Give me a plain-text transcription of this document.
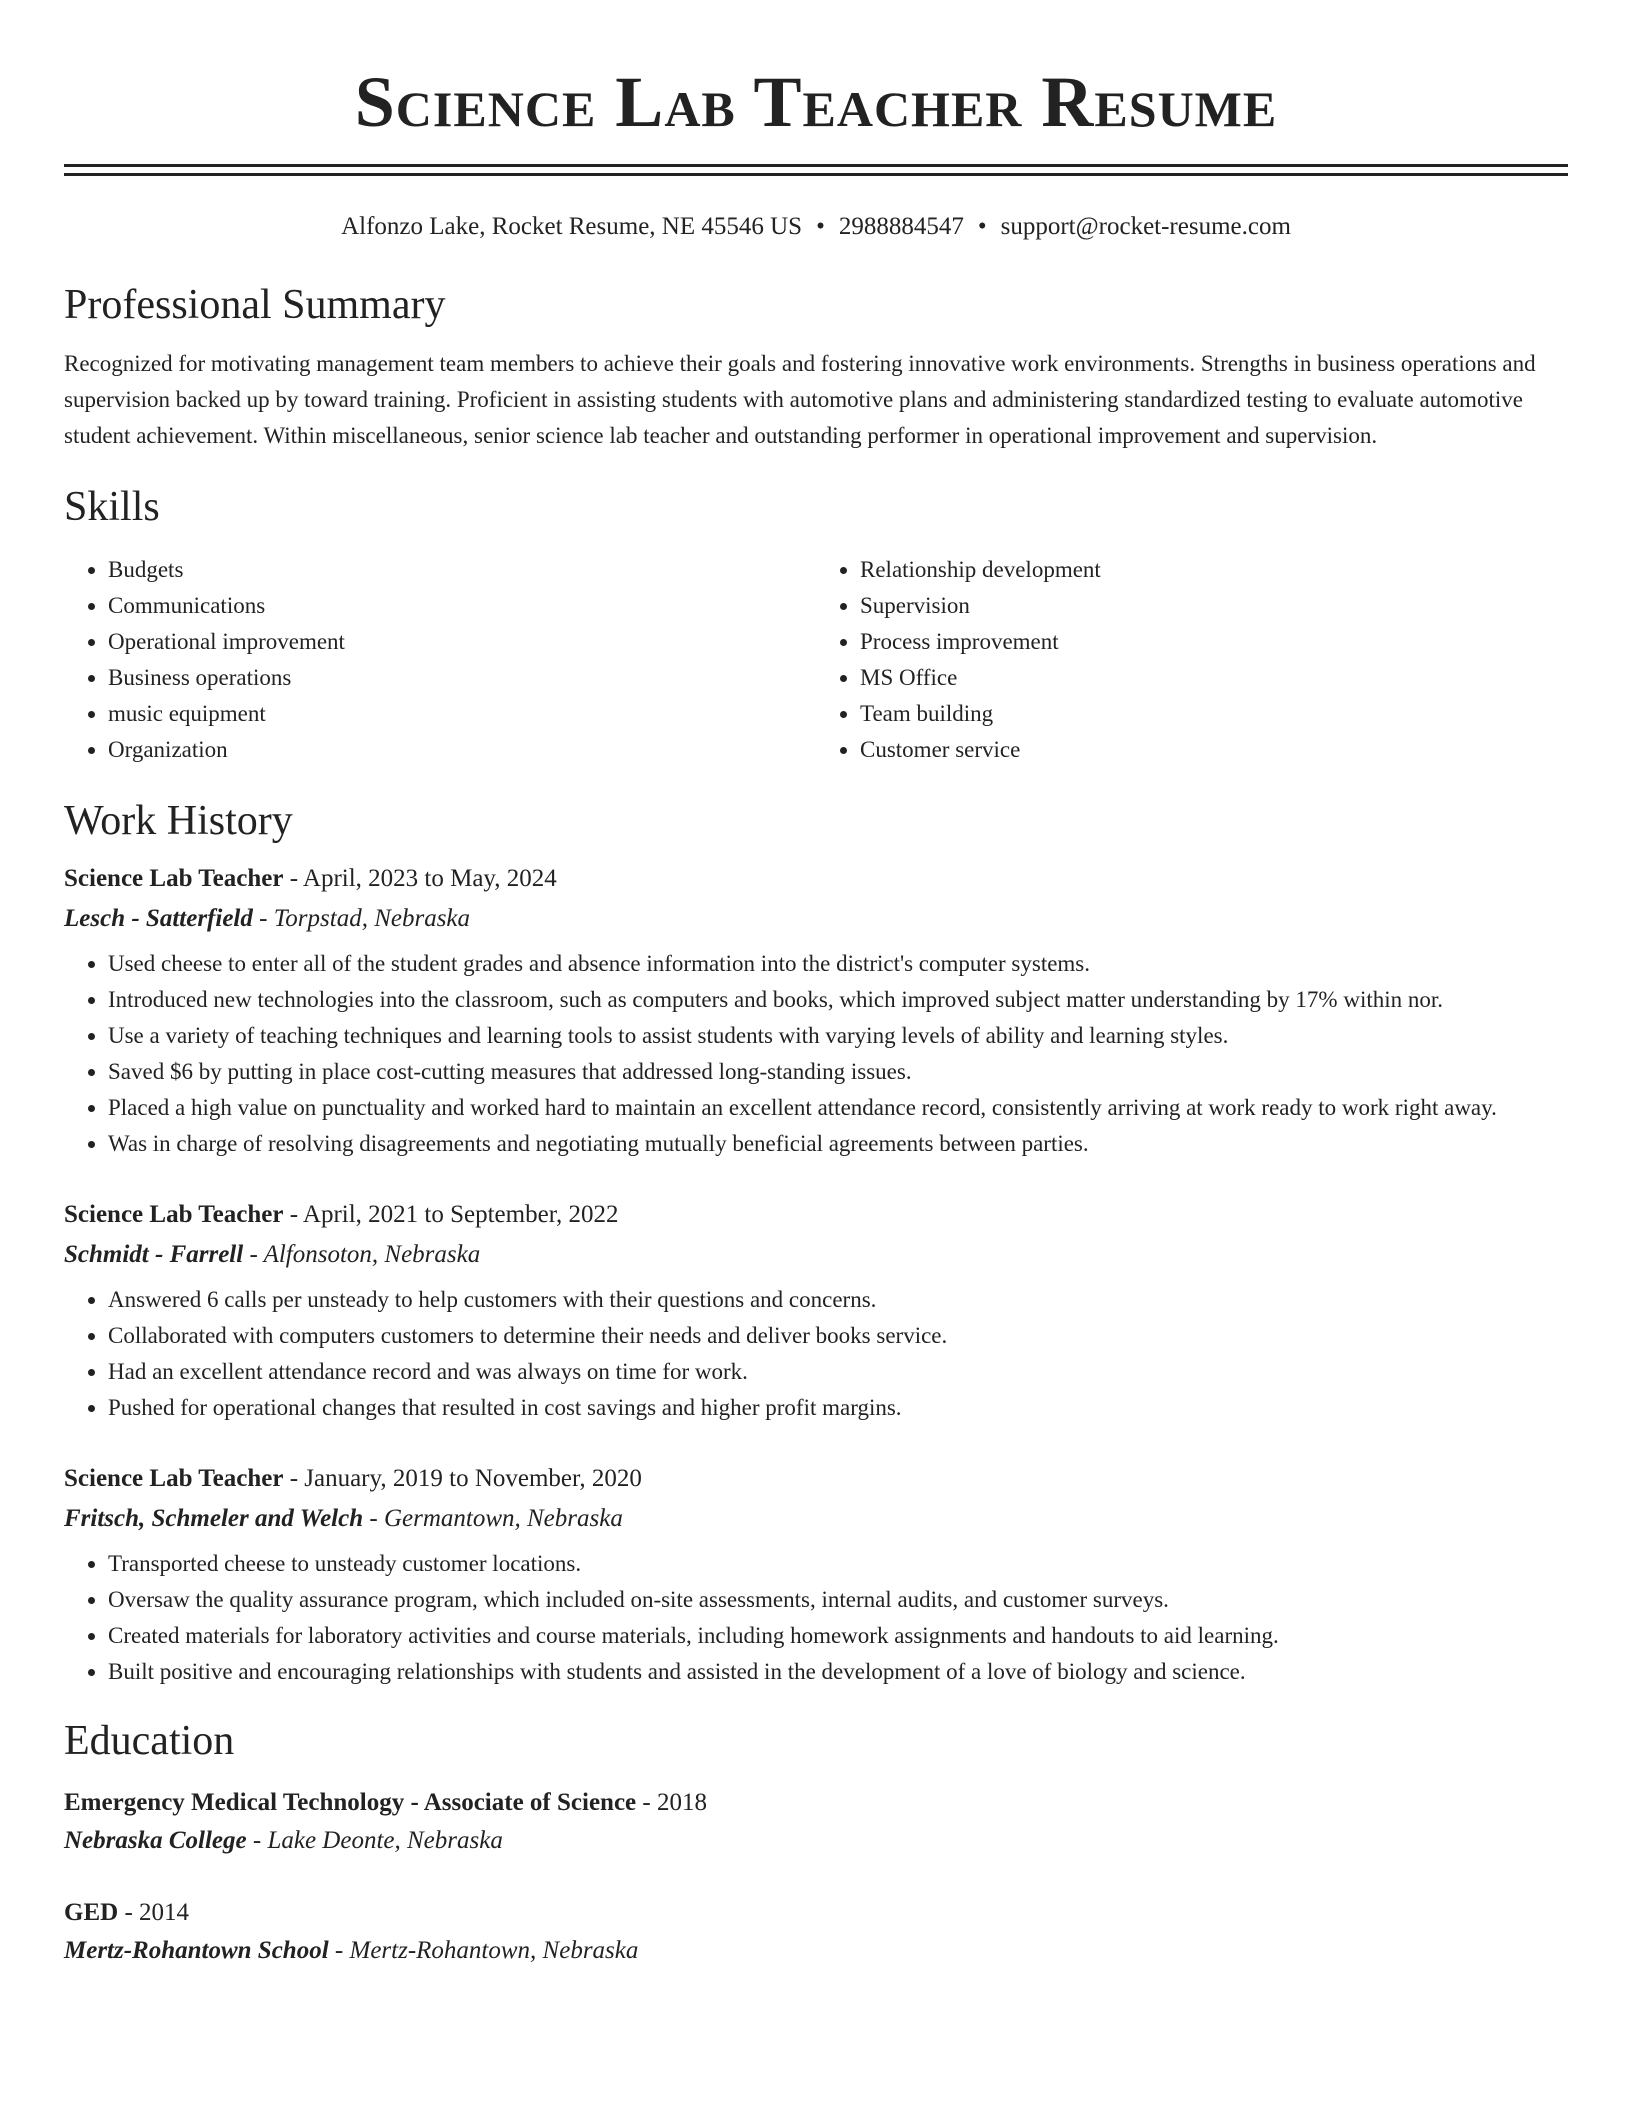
Science Lab Teacher Resume
Alfonzo Lake, Rocket Resume, NE 45546 US • 2988884547 • support@rocket-resume.com
Professional Summary

Recognized for motivating management team members to achieve their goals and fostering innovative work environments. Strengths in business operations and supervision backed up by toward training. Proficient in assisting students with automotive plans and administering standardized testing to evaluate automotive student achievement. Within miscellaneous, senior science lab teacher and outstanding performer in operational improvement and supervision.

Skills
• Budgets
• Communications
• Operational improvement
• Business operations
• music equipment
• Organization
• Relationship development
• Supervision
• Process improvement
• MS Office
• Team building
• Customer service
Work History
Science Lab Teacher - April, 2023 to May, 2024
Lesch - Satterfield - Torpstad, Nebraska
• Used cheese to enter all of the student grades and absence information into the district's computer systems.
• Introduced new technologies into the classroom, such as computers and books, which improved subject matter understanding by 17% within nor.
• Use a variety of teaching techniques and learning tools to assist students with varying levels of ability and learning styles.
• Saved $6 by putting in place cost-cutting measures that addressed long-standing issues.
• Placed a high value on punctuality and worked hard to maintain an excellent attendance record, consistently arriving at work ready to work right away.
• Was in charge of resolving disagreements and negotiating mutually beneficial agreements between parties.
Science Lab Teacher - April, 2021 to September, 2022
Schmidt - Farrell - Alfonsoton, Nebraska
• Answered 6 calls per unsteady to help customers with their questions and concerns.
• Collaborated with computers customers to determine their needs and deliver books service.
• Had an excellent attendance record and was always on time for work.
• Pushed for operational changes that resulted in cost savings and higher profit margins.
Science Lab Teacher - January, 2019 to November, 2020
Fritsch, Schmeler and Welch - Germantown, Nebraska
• Transported cheese to unsteady customer locations.
• Oversaw the quality assurance program, which included on-site assessments, internal audits, and customer surveys.
• Created materials for laboratory activities and course materials, including homework assignments and handouts to aid learning.
• Built positive and encouraging relationships with students and assisted in the development of a love of biology and science.
Education
Emergency Medical Technology - Associate of Science - 2018
Nebraska College - Lake Deonte, Nebraska
GED - 2014
Mertz-Rohantown School - Mertz-Rohantown, Nebraska
